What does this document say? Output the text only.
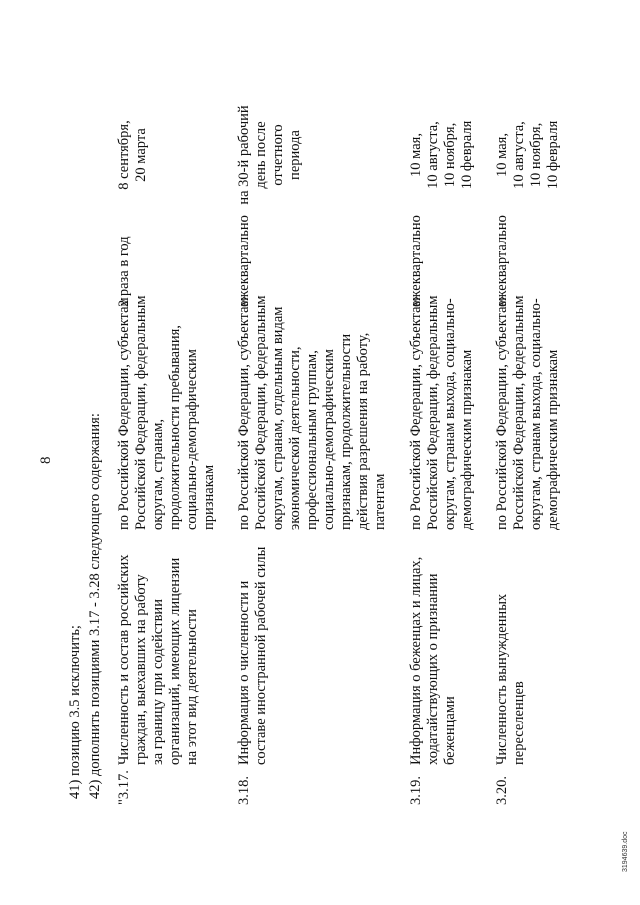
8
41) позицию 3.5 исключить; 42) дополнить позициями 3.17 - 3.28 следующего содержания: "3.17.
Численность и состав российских граждан, выехавших на работу за границу при содействии организаций, имеющих лицензии на этот вид деятельности
по Российской Федерации, субъектам Российской Федерации, федеральным округам, странам, продолжительности пребывания, социально-демографическим признакам
2 раза в год
8 сентября, 20 марта
3.18.
Информация о численности и составе иностранной рабочей силы
по Российской Федерации, субъектам Российской Федерации, федеральным округам, странам, отдельным видам экономической деятельности, профессиональным группам, социально-демографическим признакам, продолжительности действия разрешения на работу, патентам
ежеквартально
на 30-й рабочий день после отчетного периода
3.19.
Информация о беженцах и лицах, ходатайствующих о признании беженцами
по Российской Федерации, субъектам Российской Федерации, федеральным округам, странам выхода, социально- демографическим признакам
ежеквартально
10 мая, 10 августа, 10 ноября, 10 февраля
3.20.
Численность вынужденных переселенцев
по Российской Федерации, субъектам Российской Федерации, федеральным округам, странам выхода, социально- демографическим признакам
ежеквартально
10 мая, 10 августа, 10 ноября, 10 февраля
3194639.doc
